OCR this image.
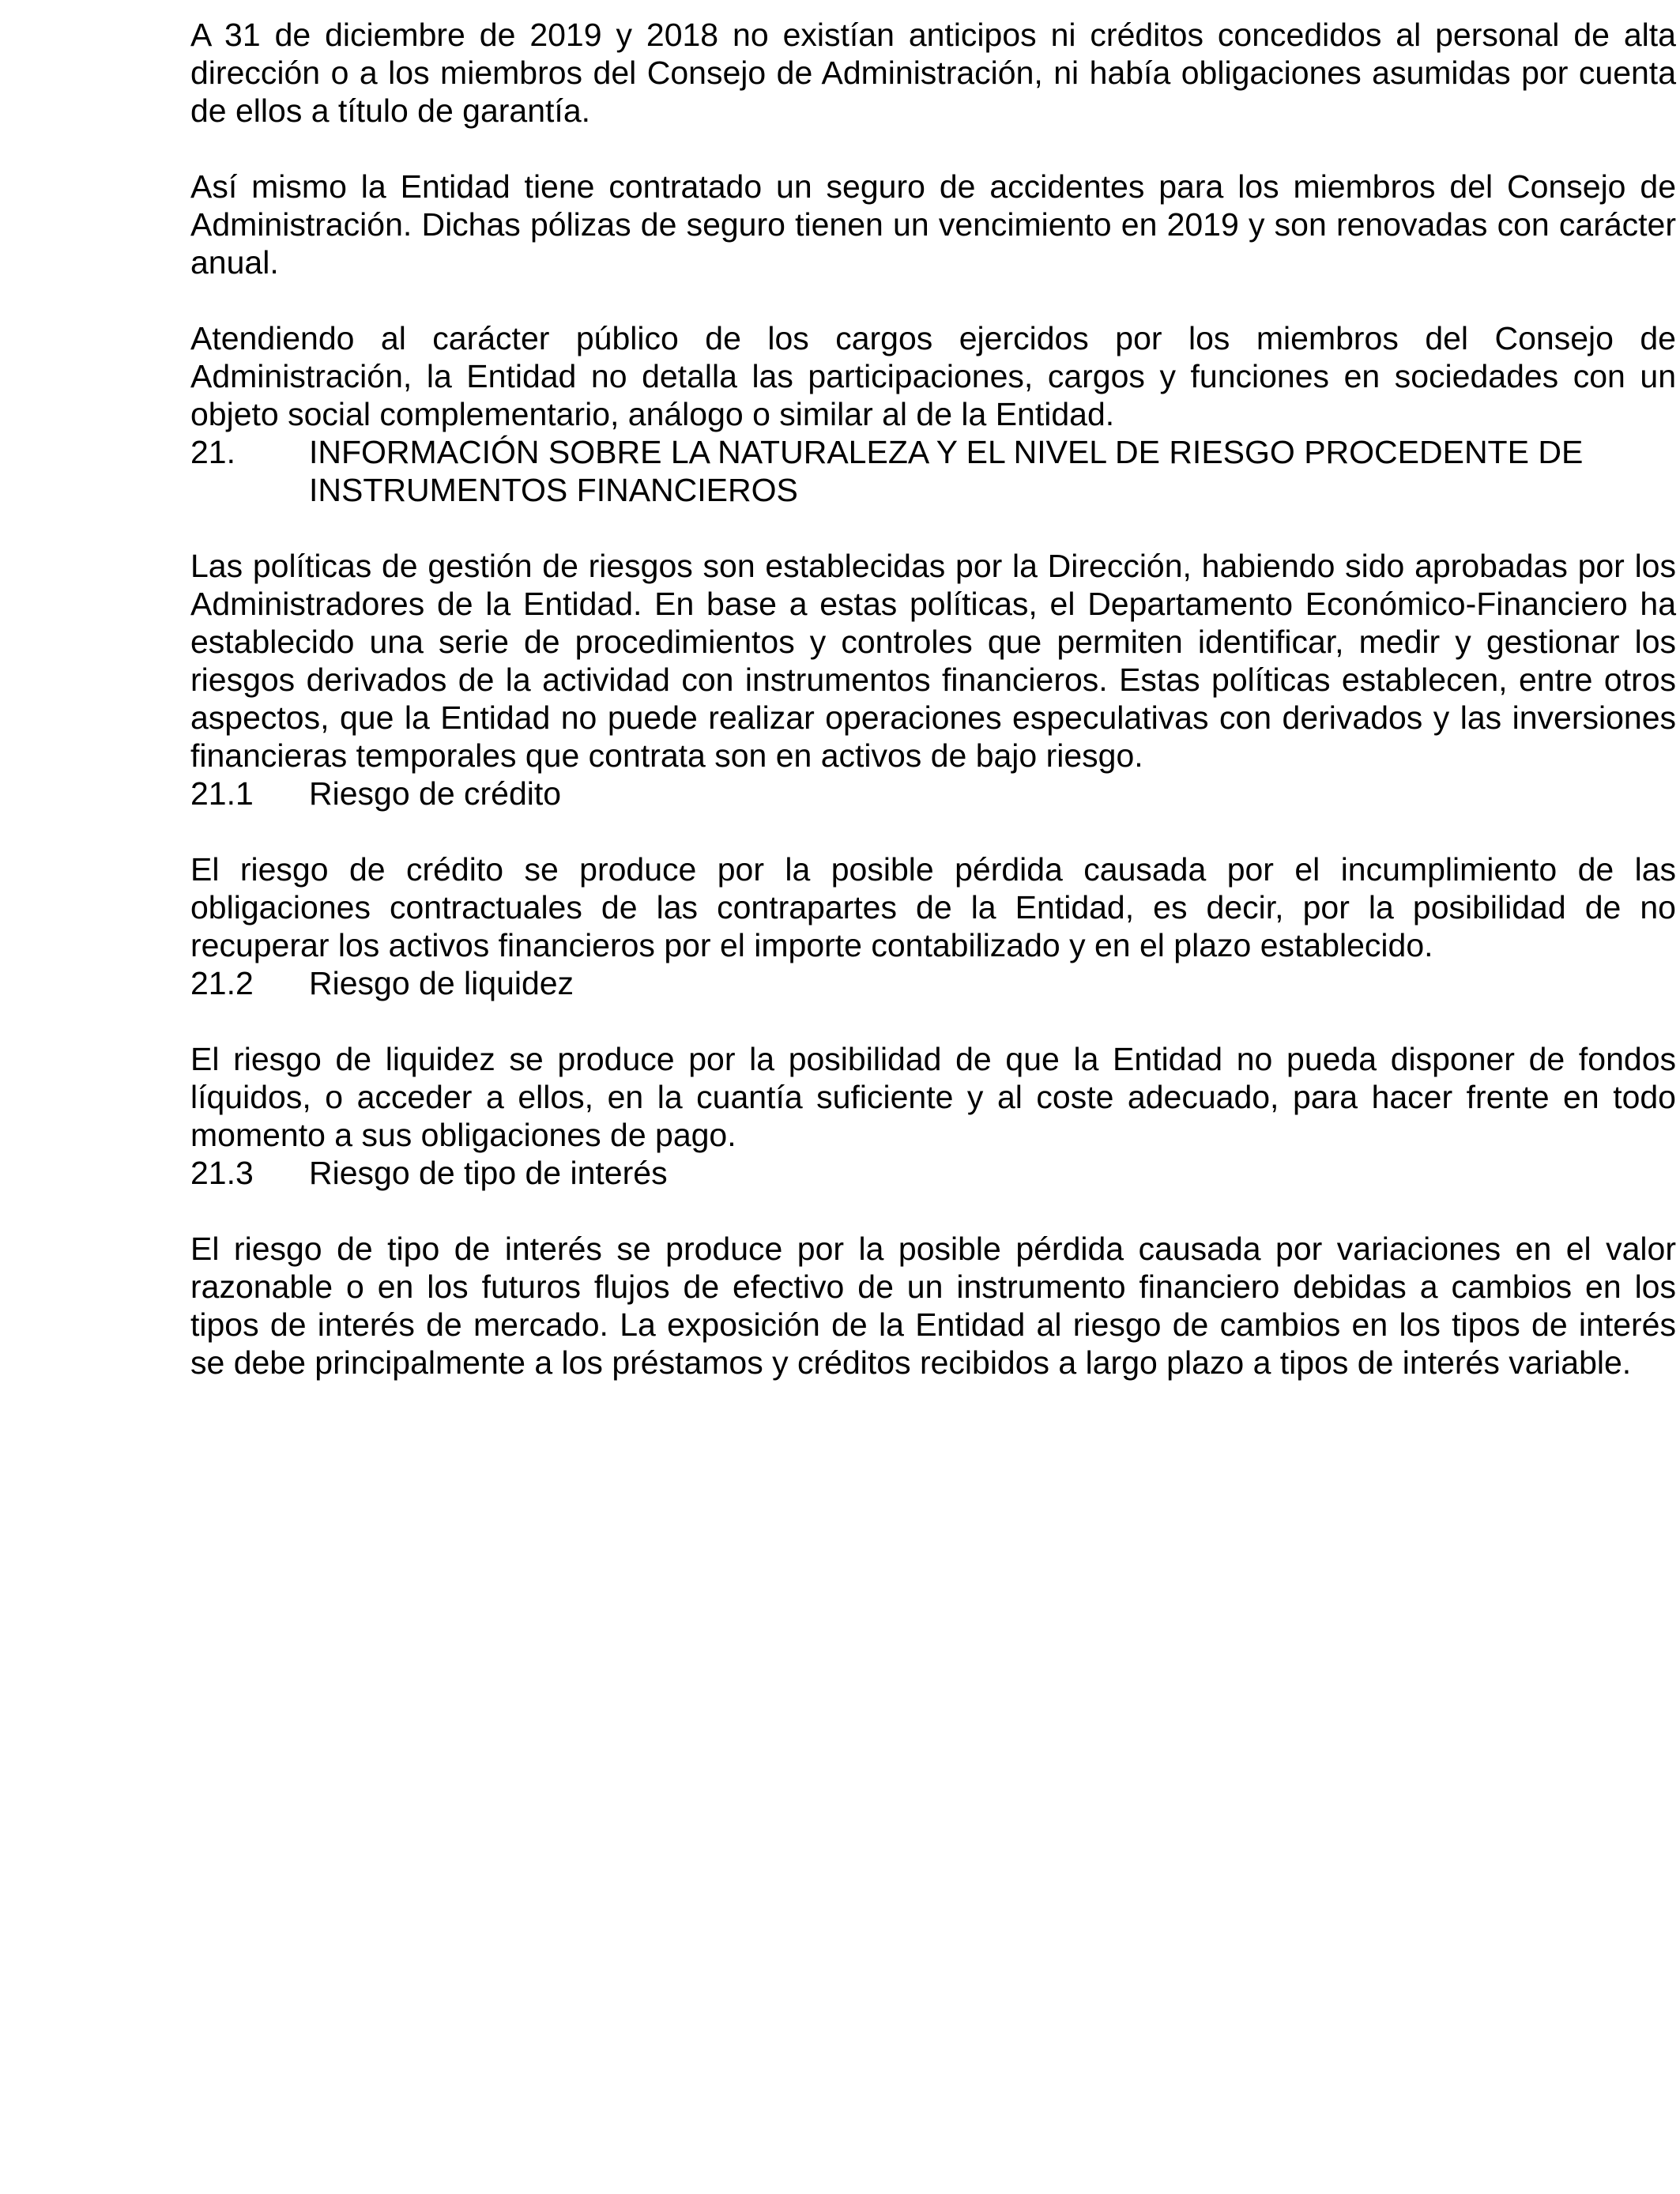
A 31 de diciembre de 2019 y 2018 no existían anticipos ni créditos concedidos al personal de alta dirección o a los miembros del Consejo de Administración, ni había obligaciones asumidas por cuenta de ellos a título de garantía.

Así mismo la Entidad tiene contratado un seguro de accidentes para los miembros del Consejo de Administración. Dichas pólizas de seguro tienen un vencimiento en 2019 y son renovadas con carácter anual.

Atendiendo al carácter público de los cargos ejercidos por los miembros del Consejo de Administración, la Entidad no detalla las participaciones, cargos y funciones en sociedades con un objeto social complementario, análogo o similar al de la Entidad.

21.	INFORMACIÓN SOBRE LA NATURALEZA Y EL NIVEL DE RIESGO PROCEDENTE DE INSTRUMENTOS FINANCIEROS

Las políticas de gestión de riesgos son establecidas por la Dirección, habiendo sido aprobadas por los Administradores de la Entidad. En base a estas políticas, el Departamento Económico-Financiero ha establecido una serie de procedimientos y controles que permiten identificar, medir y gestionar los riesgos derivados de la actividad con instrumentos financieros. Estas políticas establecen, entre otros aspectos, que la Entidad no puede realizar operaciones especulativas con derivados y las inversiones financieras temporales que contrata son en activos de bajo riesgo.

21.1	Riesgo de crédito

El riesgo de crédito se produce por la posible pérdida causada por el incumplimiento de las obligaciones contractuales de las contrapartes de la Entidad, es decir, por la posibilidad de no recuperar los activos financieros por el importe contabilizado y en el plazo establecido.

21.2	Riesgo de liquidez

El riesgo de liquidez se produce por la posibilidad de que la Entidad no pueda disponer de fondos líquidos, o acceder a ellos, en la cuantía suficiente y al coste adecuado, para hacer frente en todo momento a sus obligaciones de pago.

21.3	Riesgo de tipo de interés

El riesgo de tipo de interés se produce por la posible pérdida causada por variaciones en el valor razonable o en los futuros flujos de efectivo de un instrumento financiero debidas a cambios en los tipos de interés de mercado. La exposición de la Entidad al riesgo de cambios en los tipos de interés se debe principalmente a los préstamos y créditos recibidos a largo plazo a tipos de interés variable.
